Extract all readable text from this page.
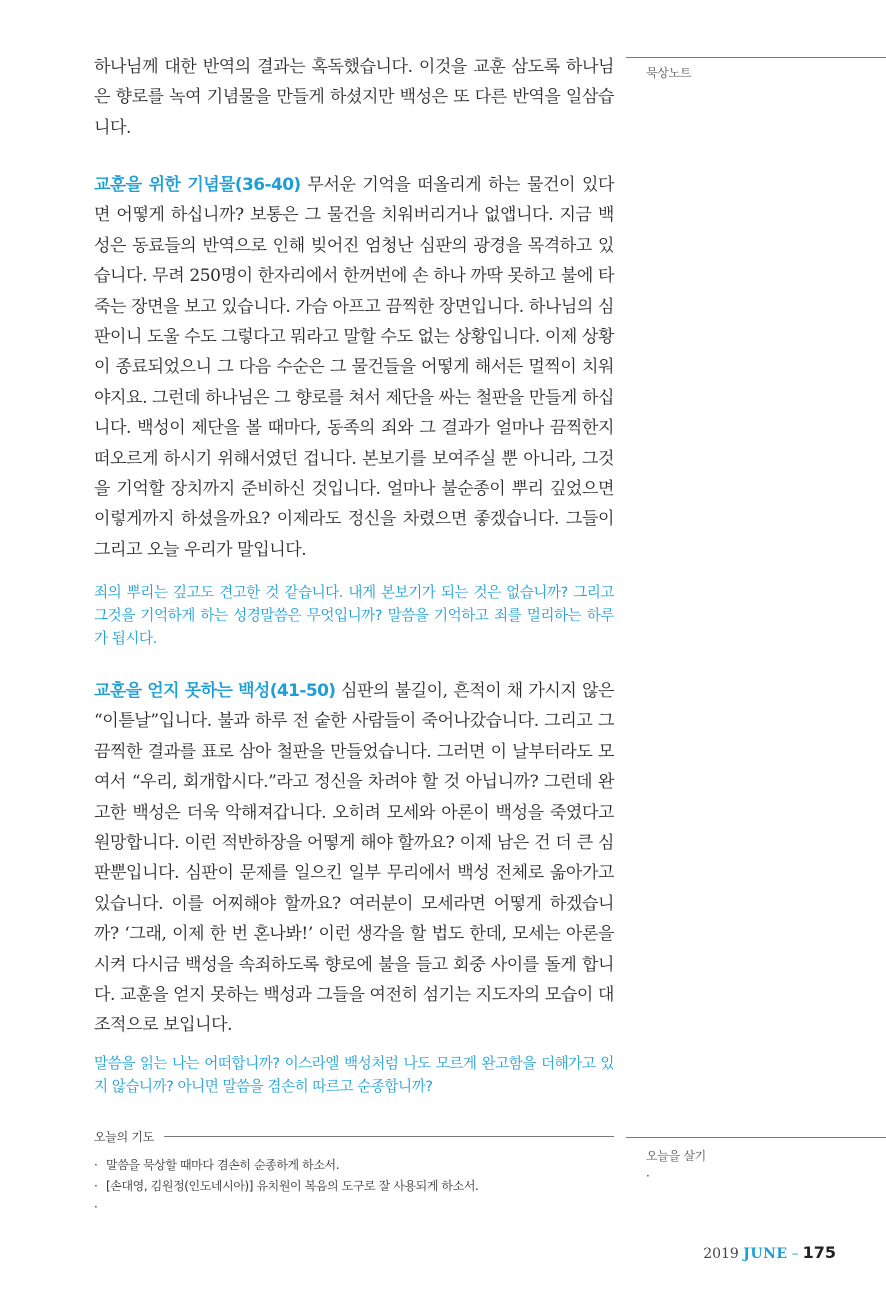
하나님께 대한 반역의 결과는 혹독했습니다. 이것을 교훈 삼도록 하나님은 향로를 녹여 기념물을 만들게 하셨지만 백성은 또 다른 반역을 일삼습니다.

교훈을 위한 기념물(36-40) 무서운 기억을 떠올리게 하는 물건이 있다면 어떻게 하십니까? 보통은 그 물건을 치워버리거나 없앱니다. 지금 백성은 동료들의 반역으로 인해 빚어진 엄청난 심판의 광경을 목격하고 있습니다. 무려 250명이 한자리에서 한꺼번에 손 하나 까딱 못하고 불에 타 죽는 장면을 보고 있습니다. 가슴 아프고 끔찍한 장면입니다. 하나님의 심판이니 도울 수도 그렇다고 뭐라고 말할 수도 없는 상황입니다. 이제 상황이 종료되었으니 그 다음 수순은 그 물건들을 어떻게 해서든 멀찍이 치워야지요. 그런데 하나님은 그 향로를 쳐서 제단을 싸는 철판을 만들게 하십니다. 백성이 제단을 볼 때마다, 동족의 죄와 그 결과가 얼마나 끔찍한지 떠오르게 하시기 위해서였던 겁니다. 본보기를 보여주실 뿐 아니라, 그것을 기억할 장치까지 준비하신 것입니다. 얼마나 불순종이 뿌리 깊었으면 이렇게까지 하셨을까요? 이제라도 정신을 차렸으면 좋겠습니다. 그들이 그리고 오늘 우리가 말입니다.

죄의 뿌리는 깊고도 견고한 것 같습니다. 내게 본보기가 되는 것은 없습니까? 그리고 그것을 기억하게 하는 성경말씀은 무엇입니까? 말씀을 기억하고 죄를 멀리하는 하루가 됩시다.

교훈을 얻지 못하는 백성(41-50) 심판의 불길이, 흔적이 채 가시지 않은 “이튿날”입니다. 불과 하루 전 숱한 사람들이 죽어나갔습니다. 그리고 그 끔찍한 결과를 표로 삼아 철판을 만들었습니다. 그러면 이 날부터라도 모여서 “우리, 회개합시다.”라고 정신을 차려야 할 것 아닙니까? 그런데 완고한 백성은 더욱 악해져갑니다. 오히려 모세와 아론이 백성을 죽였다고 원망합니다. 이런 적반하장을 어떻게 해야 할까요? 이제 남은 건 더 큰 심판뿐입니다. 심판이 문제를 일으킨 일부 무리에서 백성 전체로 옮아가고 있습니다. 이를 어찌해야 할까요? 여러분이 모세라면 어떻게 하겠습니까? ‘그래, 이제 한 번 혼나봐!’ 이런 생각을 할 법도 한데, 모세는 아론을 시켜 다시금 백성을 속죄하도록 향로에 불을 들고 회중 사이를 돌게 합니다. 교훈을 얻지 못하는 백성과 그들을 여전히 섬기는 지도자의 모습이 대조적으로 보입니다.

말씀을 읽는 나는 어떠합니까? 이스라엘 백성처럼 나도 모르게 완고함을 더해가고 있지 않습니까? 아니면 말씀을 겸손히 따르고 순종합니까?

묵상노트
오늘의 기도
· 말씀을 묵상할 때마다 겸손히 순종하게 하소서.
· [손대영, 김원정(인도네시아)] 유치원이 복음의 도구로 잘 사용되게 하소서.
·
오늘을 살기
·
2019 JUNE – 175
